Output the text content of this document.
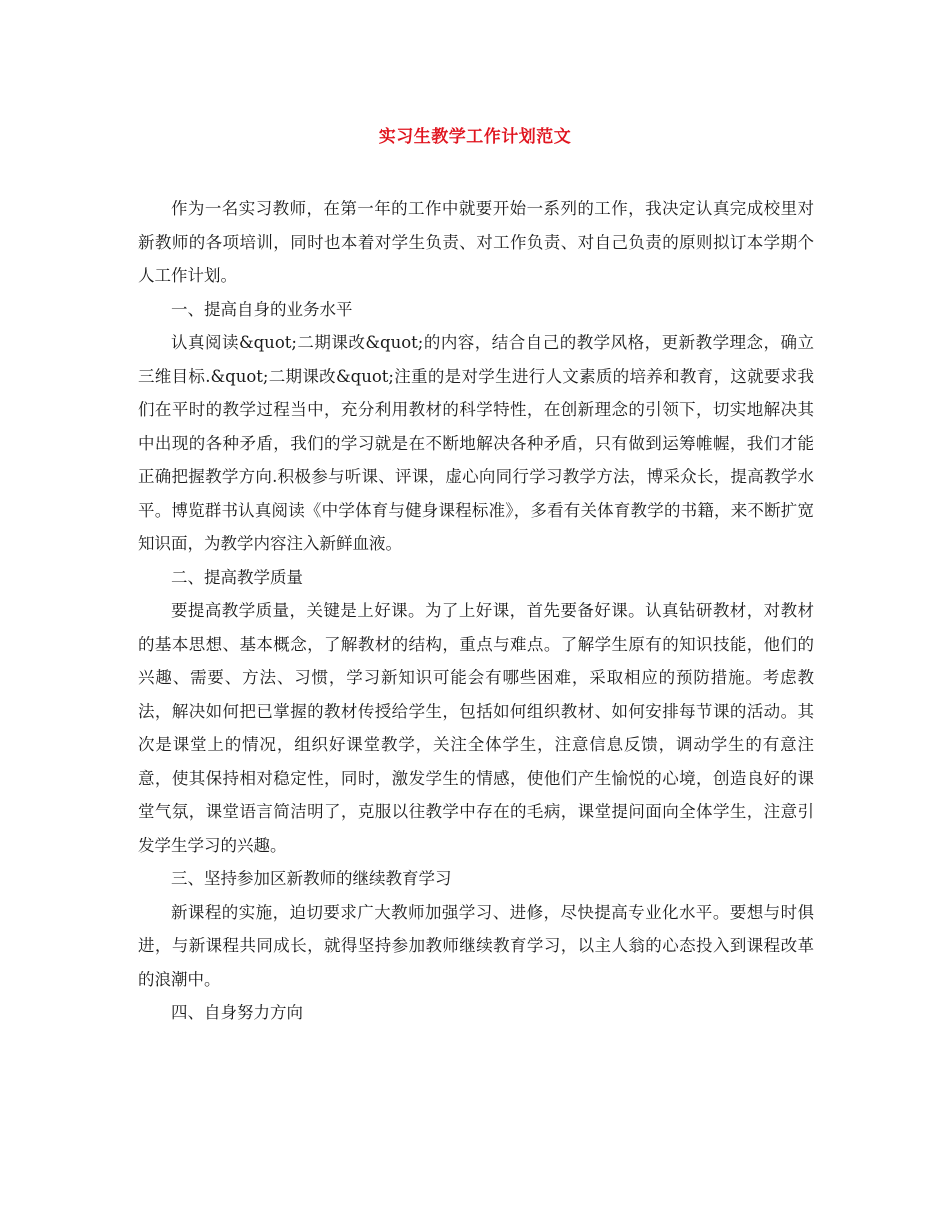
实习生教学工作计划范文

作为一名实习教师，在第一年的工作中就要开始一系列的工作，我决定认真完成校里对新教师的各项培训，同时也本着对学生负责、对工作负责、对自己负责的原则拟订本学期个人工作计划。

一、提高自身的业务水平

认真阅读&quot;二期课改&quot;的内容，结合自己的教学风格，更新教学理念，确立三维目标.&quot;二期课改&quot;注重的是对学生进行人文素质的培养和教育，这就要求我们在平时的教学过程当中，充分利用教材的科学特性，在创新理念的引领下，切实地解决其中出现的各种矛盾，我们的学习就是在不断地解决各种矛盾，只有做到运筹帷幄，我们才能正确把握教学方向.积极参与听课、评课，虚心向同行学习教学方法，博采众长，提高教学水平。博览群书认真阅读《中学体育与健身课程标准》，多看有关体育教学的书籍，来不断扩宽知识面，为教学内容注入新鲜血液。

二、提高教学质量

要提高教学质量，关键是上好课。为了上好课，首先要备好课。认真钻研教材，对教材的基本思想、基本概念，了解教材的结构，重点与难点。了解学生原有的知识技能，他们的兴趣、需要、方法、习惯，学习新知识可能会有哪些困难，采取相应的预防措施。考虑教法，解决如何把已掌握的教材传授给学生，包括如何组织教材、如何安排每节课的活动。其次是课堂上的情况，组织好课堂教学，关注全体学生，注意信息反馈，调动学生的有意注意，使其保持相对稳定性，同时，激发学生的情感，使他们产生愉悦的心境，创造良好的课堂气氛，课堂语言简洁明了，克服以往教学中存在的毛病，课堂提问面向全体学生，注意引发学生学习的兴趣。

三、坚持参加区新教师的继续教育学习

新课程的实施，迫切要求广大教师加强学习、进修，尽快提高专业化水平。要想与时俱进，与新课程共同成长，就得坚持参加教师继续教育学习，以主人翁的心态投入到课程改革的浪潮中。

四、自身努力方向
